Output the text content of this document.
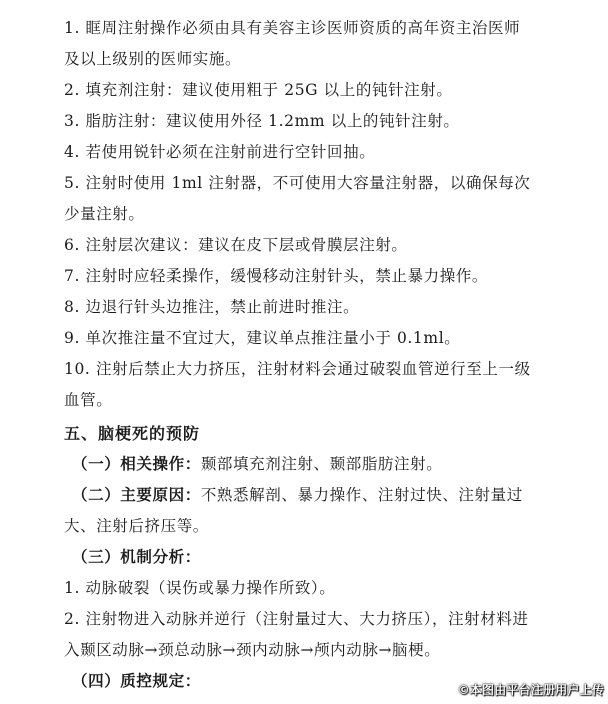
1. 眶周注射操作必须由具有美容主诊医师资质的高年资主治医师
及以上级别的医师实施。
2. 填充剂注射：建议使用粗于 25G 以上的钝针注射。
3. 脂肪注射：建议使用外径 1.2mm 以上的钝针注射。
4. 若使用锐针必须在注射前进行空针回抽。
5. 注射时使用 1ml 注射器，不可使用大容量注射器，以确保每次
少量注射。
6. 注射层次建议：建议在皮下层或骨膜层注射。
7. 注射时应轻柔操作，缓慢移动注射针头，禁止暴力操作。
8. 边退行针头边推注，禁止前进时推注。
9. 单次推注量不宜过大，建议单点推注量小于 0.1ml。
10. 注射后禁止大力挤压，注射材料会通过破裂血管逆行至上一级
血管。
五、脑梗死的预防
（一）相关操作：颞部填充剂注射、颞部脂肪注射。
（二）主要原因：不熟悉解剖、暴力操作、注射过快、注射量过
大、注射后挤压等。
（三）机制分析：
1. 动脉破裂（误伤或暴力操作所致）。
2. 注射物进入动脉并逆行（注射量过大、大力挤压），注射材料进
入颞区动脉→颈总动脉→颈内动脉→颅内动脉→脑梗。
（四）质控规定：	©本图由平台注册用户上传
